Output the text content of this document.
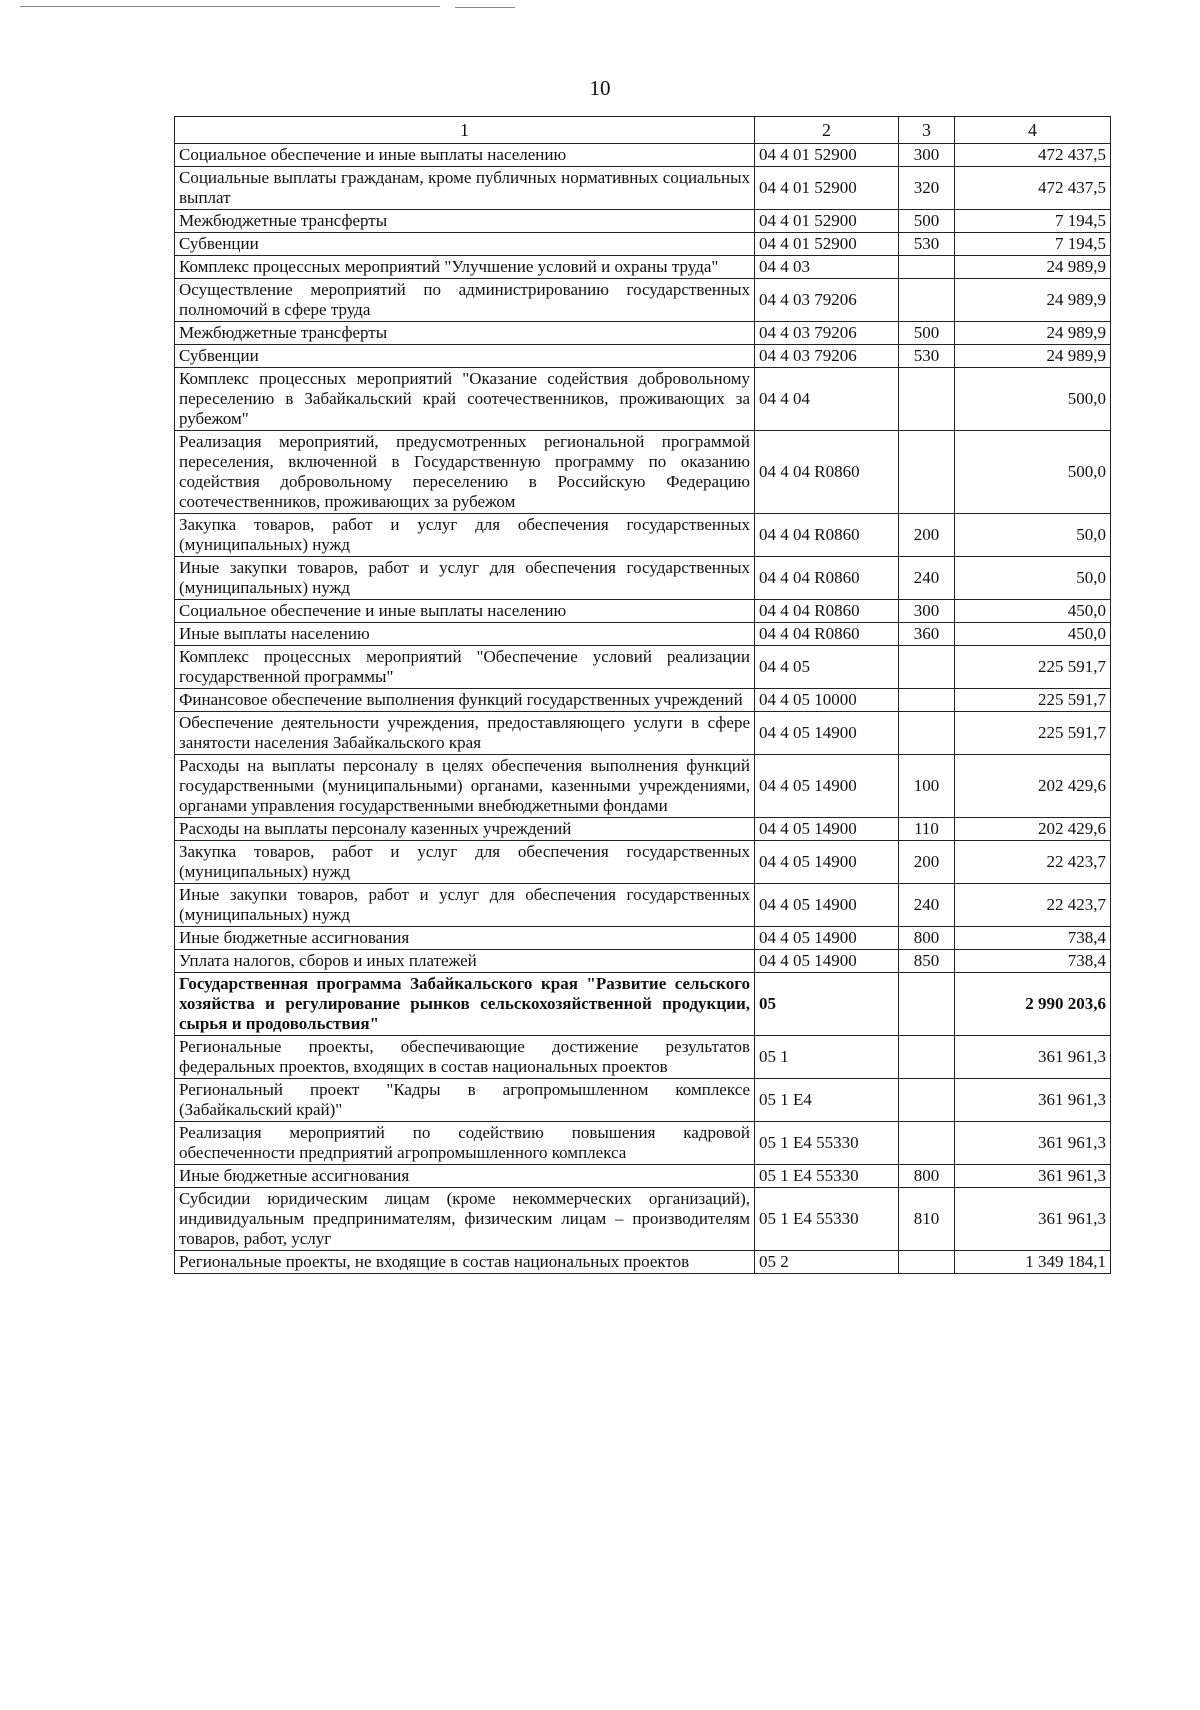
10
1	2	3	4
Социальное обеспечение и иные выплаты населению	04 4 01 52900	300	472 437,5
Социальные выплаты гражданам, кроме публичных нормативных социальных выплат	04 4 01 52900	320	472 437,5
Межбюджетные трансферты	04 4 01 52900	500	7 194,5
Субвенции	04 4 01 52900	530	7 194,5
Комплекс процессных мероприятий "Улучшение условий и охраны труда"	04 4 03		24 989,9
Осуществление мероприятий по администрированию государственных полномочий в сфере труда	04 4 03 79206		24 989,9
Межбюджетные трансферты	04 4 03 79206	500	24 989,9
Субвенции	04 4 03 79206	530	24 989,9
Комплекс процессных мероприятий "Оказание содействия добровольному переселению в Забайкальский край соотечественников, проживающих за рубежом"	04 4 04		500,0
Реализация мероприятий, предусмотренных региональной программой переселения, включенной в Государственную программу по оказанию содействия добровольному переселению в Российскую Федерацию соотечественников, проживающих за рубежом	04 4 04 R0860		500,0
Закупка товаров, работ и услуг для обеспечения государственных (муниципальных) нужд	04 4 04 R0860	200	50,0
Иные закупки товаров, работ и услуг для обеспечения государственных (муниципальных) нужд	04 4 04 R0860	240	50,0
Социальное обеспечение и иные выплаты населению	04 4 04 R0860	300	450,0
Иные выплаты населению	04 4 04 R0860	360	450,0
Комплекс процессных мероприятий "Обеспечение условий реализации государственной программы"	04 4 05		225 591,7
Финансовое обеспечение выполнения функций государственных учреждений	04 4 05 10000		225 591,7
Обеспечение деятельности учреждения, предоставляющего услуги в сфере занятости населения Забайкальского края	04 4 05 14900		225 591,7
Расходы на выплаты персоналу в целях обеспечения выполнения функций государственными (муниципальными) органами, казенными учреждениями, органами управления государственными внебюджетными фондами	04 4 05 14900	100	202 429,6
Расходы на выплаты персоналу казенных учреждений	04 4 05 14900	110	202 429,6
Закупка товаров, работ и услуг для обеспечения государственных (муниципальных) нужд	04 4 05 14900	200	22 423,7
Иные закупки товаров, работ и услуг для обеспечения государственных (муниципальных) нужд	04 4 05 14900	240	22 423,7
Иные бюджетные ассигнования	04 4 05 14900	800	738,4
Уплата налогов, сборов и иных платежей	04 4 05 14900	850	738,4
Государственная программа Забайкальского края "Развитие сельского хозяйства и регулирование рынков сельскохозяйственной продукции, сырья и продовольствия"	05		2 990 203,6
Региональные проекты, обеспечивающие достижение результатов федеральных проектов, входящих в состав национальных проектов	05 1		361 961,3
Региональный проект "Кадры в агропромышленном комплексе (Забайкальский край)"	05 1 E4		361 961,3
Реализация мероприятий по содействию повышения кадровой обеспеченности предприятий агропромышленного комплекса	05 1 E4 55330		361 961,3
Иные бюджетные ассигнования	05 1 E4 55330	800	361 961,3
Субсидии юридическим лицам (кроме некоммерческих организаций), индивидуальным предпринимателям, физическим лицам – производителям товаров, работ, услуг	05 1 E4 55330	810	361 961,3
Региональные проекты, не входящие в состав национальных проектов	05 2		1 349 184,1
